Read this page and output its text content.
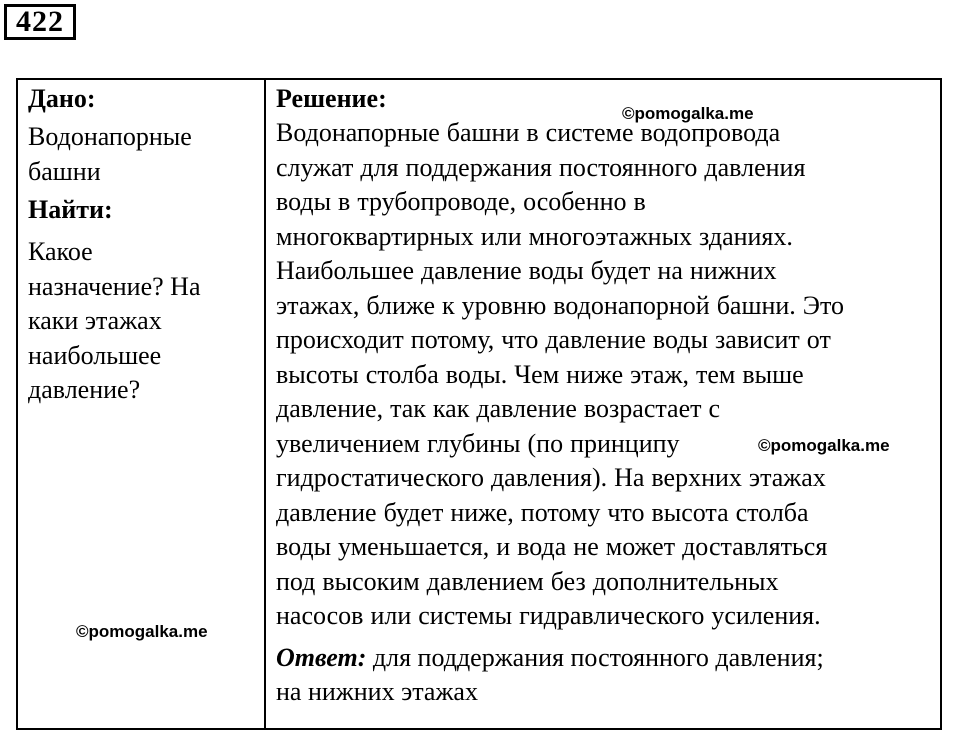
422
Дано:
Водонапорные
башни
Найти:
Какое
назначение? На
каки этажах
наибольшее
давление?
Решение:
Водонапорные башни в системе водопровода
служат для поддержания постоянного давления
воды в трубопроводе, особенно в
многоквартирных или многоэтажных зданиях.
Наибольшее давление воды будет на нижних
этажах, ближе к уровню водонапорной башни. Это
происходит потому, что давление воды зависит от
высоты столба воды. Чем ниже этаж, тем выше
давление, так как давление возрастает с
увеличением глубины (по принципу
гидростатического давления). На верхних этажах
давление будет ниже, потому что высота столба
воды уменьшается, и вода не может доставляться
под высоким давлением без дополнительных
насосов или системы гидравлического усиления.
Ответ: для поддержания постоянного давления;
на нижних этажах
©pomogalka.me
©pomogalka.me
©pomogalka.me
